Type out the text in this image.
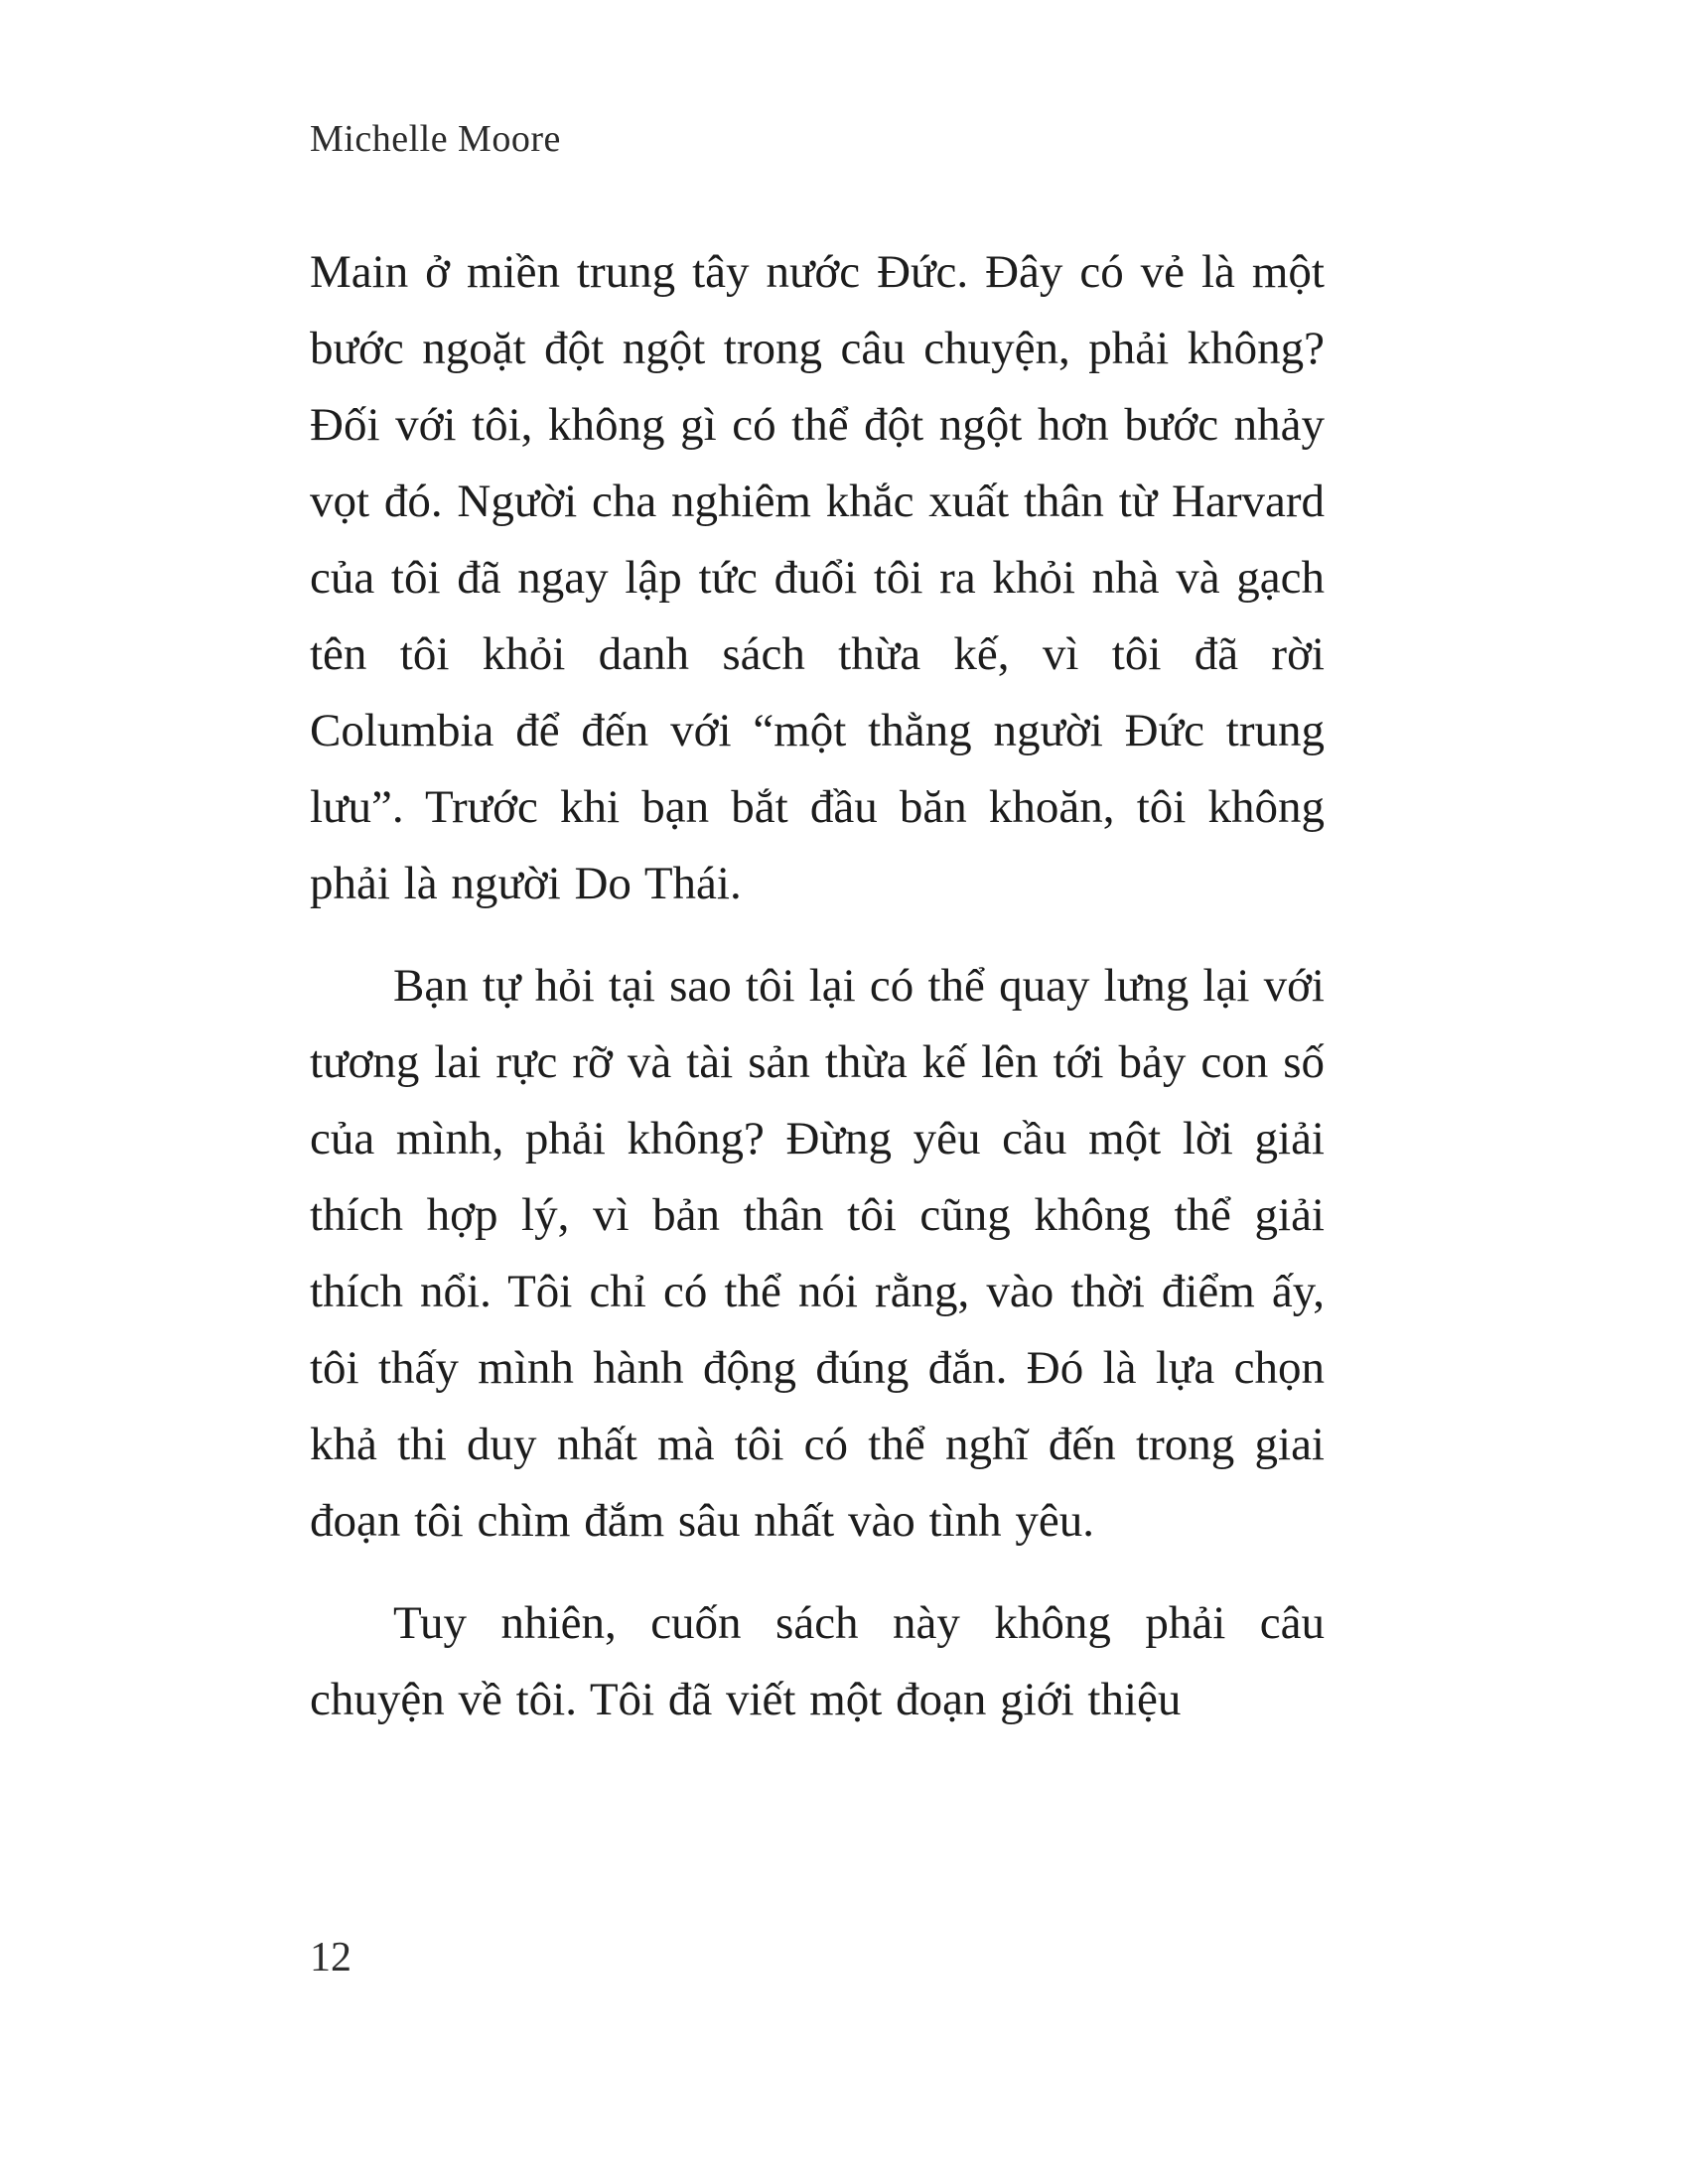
Michelle Moore

Main ở miền trung tây nước Đức. Đây có vẻ là một bước ngoặt đột ngột trong câu chuyện, phải không? Đối với tôi, không gì có thể đột ngột hơn bước nhảy vọt đó. Người cha nghiêm khắc xuất thân từ Harvard của tôi đã ngay lập tức đuổi tôi ra khỏi nhà và gạch tên tôi khỏi danh sách thừa kế, vì tôi đã rời Columbia để đến với “một thằng người Đức trung lưu”. Trước khi bạn bắt đầu băn khoăn, tôi không phải là người Do Thái.

Bạn tự hỏi tại sao tôi lại có thể quay lưng lại với tương lai rực rỡ và tài sản thừa kế lên tới bảy con số của mình, phải không? Đừng yêu cầu một lời giải thích hợp lý, vì bản thân tôi cũng không thể giải thích nổi. Tôi chỉ có thể nói rằng, vào thời điểm ấy, tôi thấy mình hành động đúng đắn. Đó là lựa chọn khả thi duy nhất mà tôi có thể nghĩ đến trong giai đoạn tôi chìm đắm sâu nhất vào tình yêu.

Tuy nhiên, cuốn sách này không phải câu chuyện về tôi. Tôi đã viết một đoạn giới thiệu

12
